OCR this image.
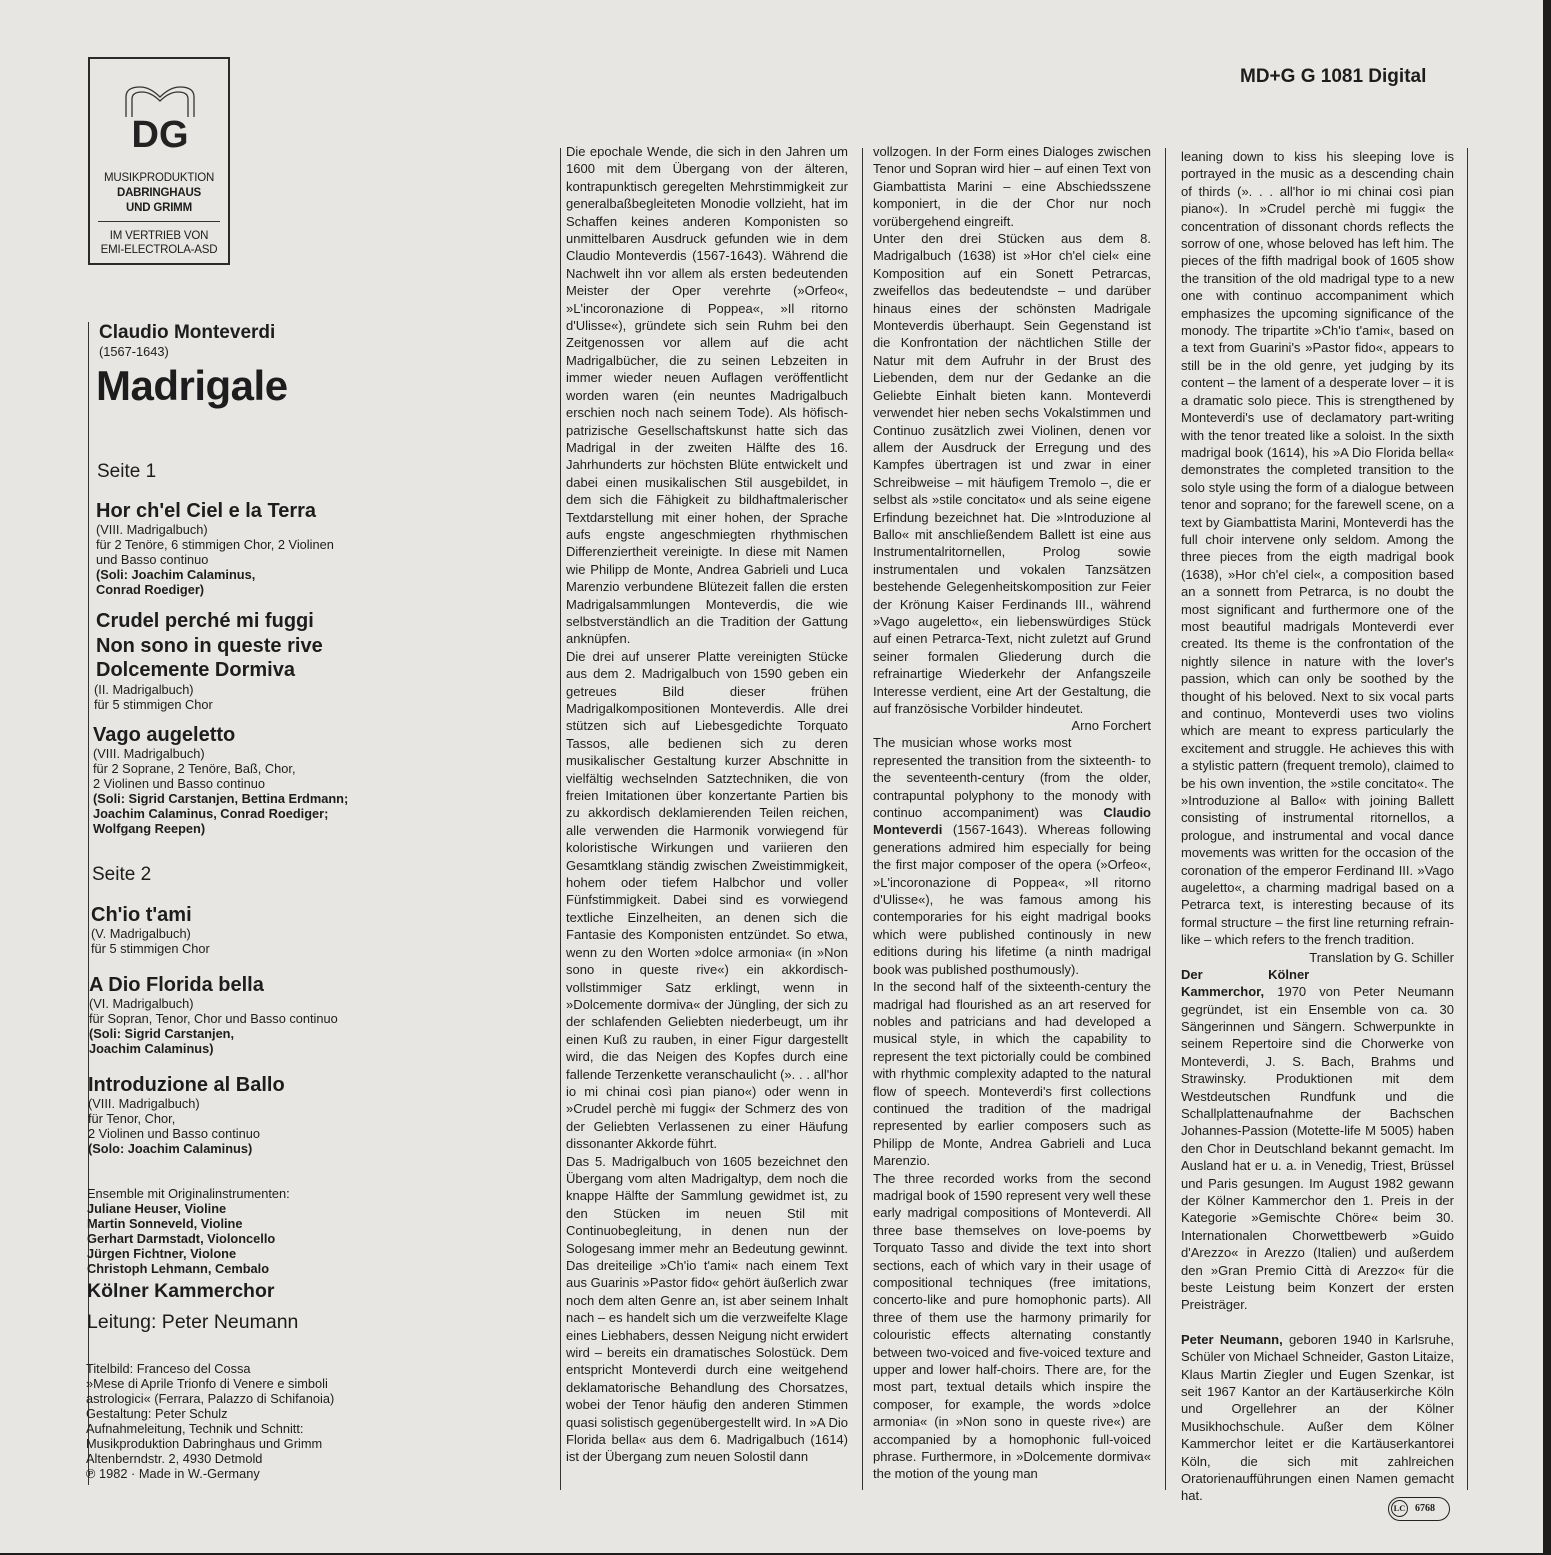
DG
MUSIKPRODUKTION
DABRINGHAUS
UND GRIMM
IM VERTRIEB VON
EMI-ELECTROLA-ASD
MD+G G 1081 Digital
Claudio Monteverdi
(1567-1643)
Madrigale
Seite 1
Hor ch'el Ciel e la Terra
(VIII. Madrigalbuch)
für 2 Tenöre, 6 stimmigen Chor, 2 Violinen
und Basso continuo
(Soli: Joachim Calaminus,
Conrad Roediger)
Crudel perché mi fuggi
Non sono in queste rive
Dolcemente Dormiva
(II. Madrigalbuch)
für 5 stimmigen Chor
Vago augeletto
(VIII. Madrigalbuch)
für 2 Soprane, 2 Tenöre, Baß, Chor,
2 Violinen und Basso continuo
(Soli: Sigrid Carstanjen, Bettina Erdmann;
Joachim Calaminus, Conrad Roediger;
Wolfgang Reepen)
Seite 2
Ch'io t'ami
(V. Madrigalbuch)
für 5 stimmigen Chor
A Dio Florida bella
(VI. Madrigalbuch)
für Sopran, Tenor, Chor und Basso continuo
(Soli: Sigrid Carstanjen,
Joachim Calaminus)
Introduzione al Ballo
(VIII. Madrigalbuch)
für Tenor, Chor,
2 Violinen und Basso continuo
(Solo: Joachim Calaminus)
Ensemble mit Originalinstrumenten:
Juliane Heuser, Violine
Martin Sonneveld, Violine
Gerhart Darmstadt, Violoncello
Jürgen Fichtner, Violone
Christoph Lehmann, Cembalo
Kölner Kammerchor
Leitung: Peter Neumann
Titelbild: Franceso del Cossa
»Mese di Aprile Trionfo di Venere e simboli
astrologici« (Ferrara, Palazzo di Schifanoia)
Gestaltung: Peter Schulz
Aufnahmeleitung, Technik und Schnitt:
Musikproduktion Dabringhaus und Grimm
Altenberndstr. 2, 4930 Detmold
℗ 1982 · Made in W.-Germany

Die epochale Wende, die sich in den Jahren um 1600 mit dem Übergang von der älteren, kontrapunktisch geregelten Mehrstimmigkeit zur generalbaßbegleiteten Monodie vollzieht, hat im Schaffen keines anderen Komponisten so unmittelbaren Ausdruck gefunden wie in dem Claudio Monteverdis (1567-1643). Während die Nachwelt ihn vor allem als ersten bedeutenden Meister der Oper verehrte (»Orfeo«, »L'incoronazione di Poppea«, »Il ritorno d'Ulisse«), gründete sich sein Ruhm bei den Zeitgenossen vor allem auf die acht Madrigalbücher, die zu seinen Lebzeiten in immer wieder neuen Auflagen veröffentlicht worden waren (ein neuntes Madrigalbuch erschien noch nach seinem Tode). Als höfisch-patrizische Gesellschaftskunst hatte sich das Madrigal in der zweiten Hälfte des 16. Jahrhunderts zur höchsten Blüte entwickelt und dabei einen musikalischen Stil ausgebildet, in dem sich die Fähigkeit zu bildhaftmalerischer Textdarstellung mit einer hohen, der Sprache aufs engste angeschmiegten rhythmischen Differenziertheit vereinigte. In diese mit Namen wie Philipp de Monte, Andrea Gabrieli und Luca Marenzio verbundene Blütezeit fallen die ersten Madrigalsammlungen Monteverdis, die wie selbstverständlich an die Tradition der Gattung anknüpfen.

Die drei auf unserer Platte vereinigten Stücke aus dem 2. Madrigalbuch von 1590 geben ein getreues Bild dieser frühen Madrigalkompositionen Monteverdis. Alle drei stützen sich auf Liebesgedichte Torquato Tassos, alle bedienen sich zu deren musikalischer Gestaltung kurzer Abschnitte in vielfältig wechselnden Satztechniken, die von freien Imitationen über konzertante Partien bis zu akkordisch deklamierenden Teilen reichen, alle verwenden die Harmonik vorwiegend für koloristische Wirkungen und variieren den Gesamtklang ständig zwischen Zweistimmigkeit, hohem oder tiefem Halbchor und voller Fünfstimmigkeit. Dabei sind es vorwiegend textliche Einzelheiten, an denen sich die Fantasie des Komponisten entzündet. So etwa, wenn zu den Worten »dolce armonia« (in »Non sono in queste rive«) ein akkordisch-vollstimmiger Satz erklingt, wenn in »Dolcemente dormiva« der Jüngling, der sich zu der schlafenden Geliebten niederbeugt, um ihr einen Kuß zu rauben, in einer Figur dargestellt wird, die das Neigen des Kopfes durch eine fallende Terzenkette veranschaulicht (». . . all'hor io mi chinai così pian piano«) oder wenn in »Crudel perchè mi fuggi« der Schmerz des von der Geliebten Verlassenen zu einer Häufung dissonanter Akkorde führt.

Das 5. Madrigalbuch von 1605 bezeichnet den Übergang vom alten Madrigaltyp, dem noch die knappe Hälfte der Sammlung gewidmet ist, zu den Stücken im neuen Stil mit Continuobegleitung, in denen nun der Sologesang immer mehr an Bedeutung gewinnt. Das dreiteilige »Ch'io t'ami« nach einem Text aus Guarinis »Pastor fido« gehört äußerlich zwar noch dem alten Genre an, ist aber seinem Inhalt nach – es handelt sich um die verzweifelte Klage eines Liebhabers, dessen Neigung nicht erwidert wird – bereits ein dramatisches Solostück. Dem entspricht Monteverdi durch eine weitgehend deklamatorische Behandlung des Chorsatzes, wobei der Tenor häufig den anderen Stimmen quasi solistisch gegenübergestellt wird. In »A Dio Florida bella« aus dem 6. Madrigalbuch (1614) ist der Übergang zum neuen Solostil dann

vollzogen. In der Form eines Dialoges zwischen Tenor und Sopran wird hier – auf einen Text von Giambattista Marini – eine Abschiedsszene komponiert, in die der Chor nur noch vorübergehend eingreift.

Unter den drei Stücken aus dem 8. Madrigalbuch (1638) ist »Hor ch'el ciel« eine Komposition auf ein Sonett Petrarcas, zweifellos das bedeutendste – und darüber hinaus eines der schönsten Madrigale Monteverdis überhaupt. Sein Gegenstand ist die Konfrontation der nächtlichen Stille der Natur mit dem Aufruhr in der Brust des Liebenden, dem nur der Gedanke an die Geliebte Einhalt bieten kann. Monteverdi verwendet hier neben sechs Vokalstimmen und Continuo zusätzlich zwei Violinen, denen vor allem der Ausdruck der Erregung und des Kampfes übertragen ist und zwar in einer Schreibweise – mit häufigem Tremolo –, die er selbst als »stile concitato« und als seine eigene Erfindung bezeichnet hat. Die »Introduzione al Ballo« mit anschließendem Ballett ist eine aus Instrumentalritornellen, Prolog sowie instrumentalen und vokalen Tanzsätzen bestehende Gelegenheitskomposition zur Feier der Krönung Kaiser Ferdinands III., während »Vago augeletto«, ein liebenswürdiges Stück auf einen Petrarca-Text, nicht zuletzt auf Grund seiner formalen Gliederung durch die refrainartige Wiederkehr der Anfangszeile Interesse verdient, eine Art der Gestaltung, die auf französische Vorbilder hindeutet.
Arno Forchert

The musician whose works most represented the transition from the sixteenth- to the seventeenth-century (from the older, contrapuntal polyphony to the monody with continuo accompaniment) was Claudio Monteverdi (1567-1643). Whereas following generations admired him especially for being the first major composer of the opera (»Orfeo«, »L'incoronazione di Poppea«, »Il ritorno d'Ulisse«), he was famous among his contemporaries for his eight madrigal books which were published continously in new editions during his lifetime (a ninth madrigal book was published posthumously).

In the second half of the sixteenth-century the madrigal had flourished as an art reserved for nobles and patricians and had developed a musical style, in which the capability to represent the text pictorially could be combined with rhythmic complexity adapted to the natural flow of speech. Monteverdi's first collections continued the tradition of the madrigal represented by earlier composers such as Philipp de Monte, Andrea Gabrieli and Luca Marenzio.

The three recorded works from the second madrigal book of 1590 represent very well these early madrigal compositions of Monteverdi. All three base themselves on love-poems by Torquato Tasso and divide the text into short sections, each of which vary in their usage of compositional techniques (free imitations, concerto-like and pure homophonic parts). All three of them use the harmony primarily for colouristic effects alternating constantly between two-voiced and five-voiced texture and upper and lower half-choirs. There are, for the most part, textual details which inspire the composer, for example, the words »dolce armonia« (in »Non sono in queste rive«) are accompanied by a homophonic full-voiced phrase. Furthermore, in »Dolcemente dormiva« the motion of the young man

leaning down to kiss his sleeping love is portrayed in the music as a descending chain of thirds (». . . all'hor io mi chinai così pian piano«). In »Crudel perchè mi fuggi« the concentration of dissonant chords reflects the sorrow of one, whose beloved has left him. The pieces of the fifth madrigal book of 1605 show the transition of the old madrigal type to a new one with continuo accompaniment which emphasizes the upcoming significance of the monody. The tripartite »Ch'io t'ami«, based on a text from Guarini's »Pastor fido«, appears to still be in the old genre, yet judging by its content – the lament of a desperate lover – it is a dramatic solo piece. This is strengthened by Monteverdi's use of declamatory part-writing with the tenor treated like a soloist. In the sixth madrigal book (1614), his »A Dio Florida bella« demonstrates the completed transition to the solo style using the form of a dialogue between tenor and soprano; for the farewell scene, on a text by Giambattista Marini, Monteverdi has the full choir intervene only seldom. Among the three pieces from the eigth madrigal book (1638), »Hor ch'el ciel«, a composition based an a sonnett from Petrarca, is no doubt the most significant and furthermore one of the most beautiful madrigals Monteverdi ever created. Its theme is the confrontation of the nightly silence in nature with the lover's passion, which can only be soothed by the thought of his beloved. Next to six vocal parts and continuo, Monteverdi uses two violins which are meant to express particularly the excitement and struggle. He achieves this with a stylistic pattern (frequent tremolo), claimed to be his own invention, the »stile concitato«. The »Introduzione al Ballo« with joining Ballett consisting of instrumental ritornellos, a prologue, and instrumental and vocal dance movements was written for the occasion of the coronation of the emperor Ferdinand III. »Vago augeletto«, a charming madrigal based on a Petrarca text, is interesting because of its formal structure – the first line returning refrain-like – which refers to the french tradition.
Translation by G. Schiller

Der Kölner Kammerchor, 1970 von Peter Neumann gegründet, ist ein Ensemble von ca. 30 Sängerinnen und Sängern. Schwerpunkte in seinem Repertoire sind die Chorwerke von Monteverdi, J. S. Bach, Brahms und Strawinsky. Produktionen mit dem Westdeutschen Rundfunk und die Schallplattenaufnahme der Bachschen Johannes-Passion (Motette-life M 5005) haben den Chor in Deutschland bekannt gemacht. Im Ausland hat er u. a. in Venedig, Triest, Brüssel und Paris gesungen. Im August 1982 gewann der Kölner Kammerchor den 1. Preis in der Kategorie »Gemischte Chöre« beim 30. Internationalen Chorwettbewerb »Guido d'Arezzo« in Arezzo (Italien) und außerdem den »Gran Premio Città di Arezzo« für die beste Leistung beim Konzert der ersten Preisträger.

Peter Neumann, geboren 1940 in Karlsruhe, Schüler von Michael Schneider, Gaston Litaize, Klaus Martin Ziegler und Eugen Szenkar, ist seit 1967 Kantor an der Kartäuserkirche Köln und Orgellehrer an der Kölner Musikhochschule. Außer dem Kölner Kammerchor leitet er die Kartäuserkantorei Köln, die sich mit zahlreichen Oratorienaufführungen einen Namen gemacht hat.

LC 6768
